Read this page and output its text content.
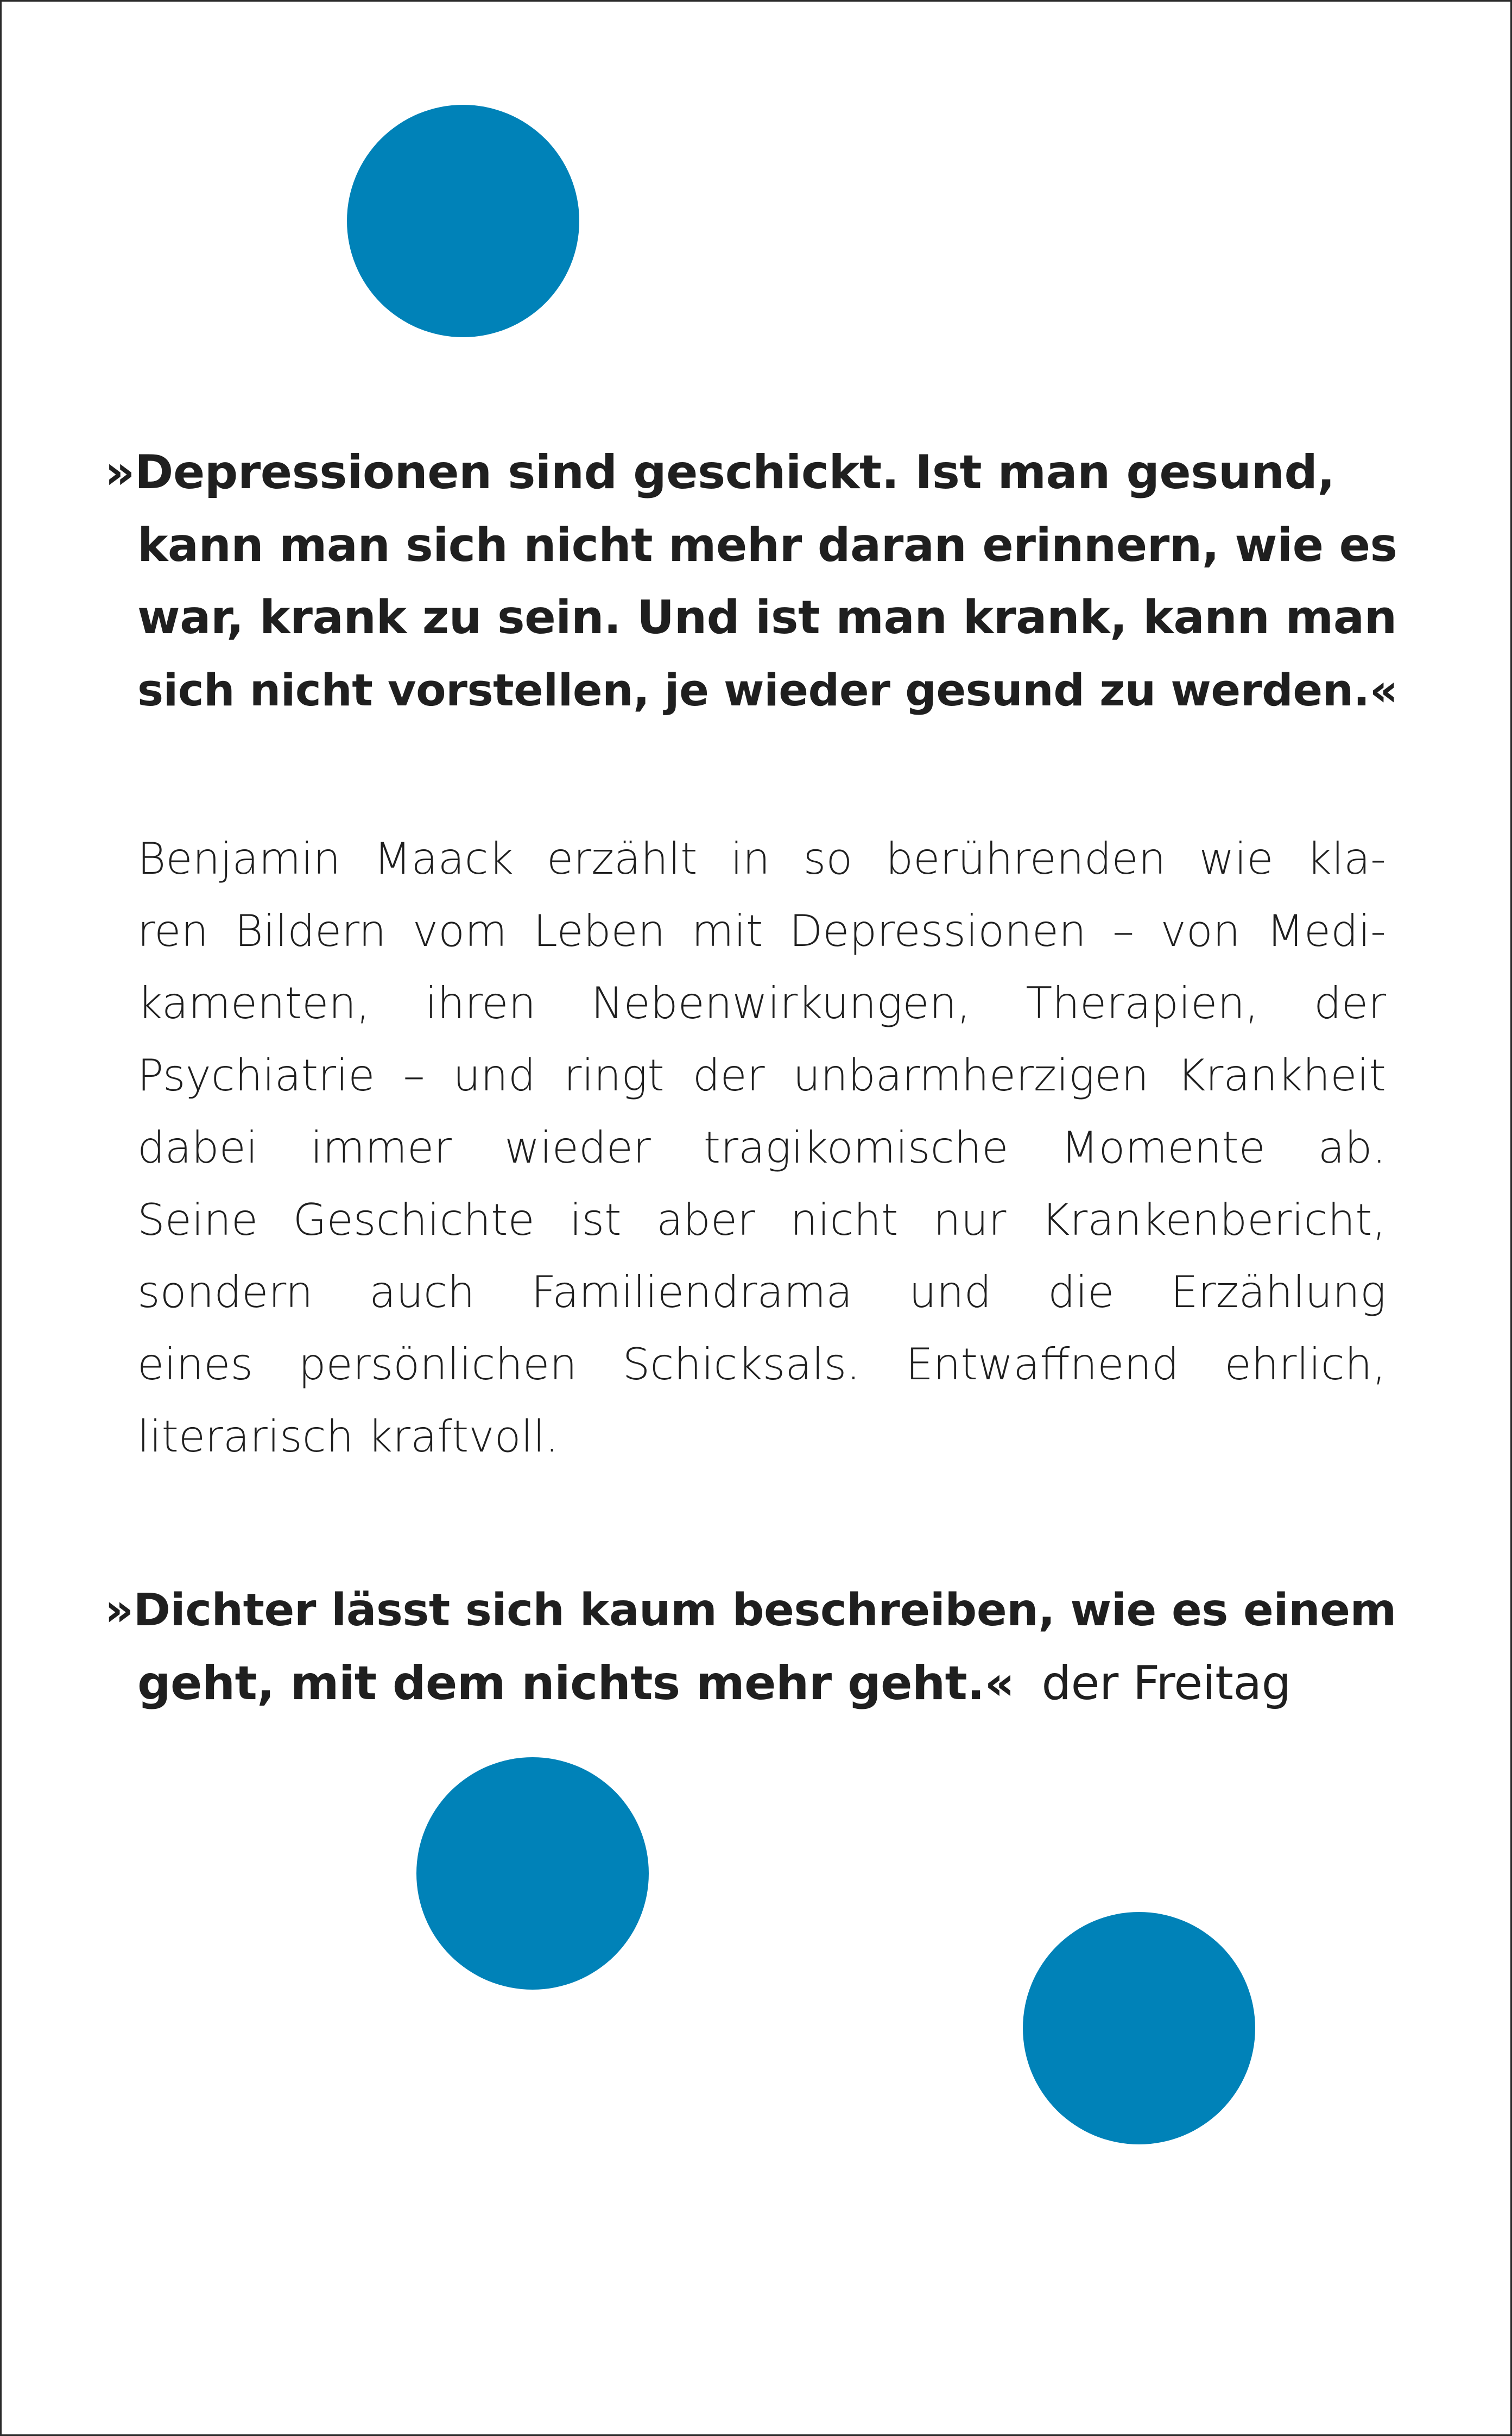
»Depressionen sind geschickt. Ist man gesund,
kann man sich nicht mehr daran erinnern, wie es
war, krank zu sein. Und ist man krank, kann man
sich nicht vorstellen, je wieder gesund zu werden.«
Benjamin Maack erzählt in so berührenden wie kla-
ren Bildern vom Leben mit Depressionen – von Medi-
kamenten, ihren Nebenwirkungen, Therapien, der
Psychiatrie – und ringt der unbarmherzigen Krankheit
dabei immer wieder tragikomische Momente ab.
Seine Geschichte ist aber nicht nur Krankenbericht,
sondern auch Familiendrama und die Erzählung
eines persönlichen Schicksals. Entwaffnend ehrlich,
literarisch kraftvoll.
»Dichter lässt sich kaum beschreiben, wie es einem
geht, mit dem nichts mehr geht.« der Freitag
